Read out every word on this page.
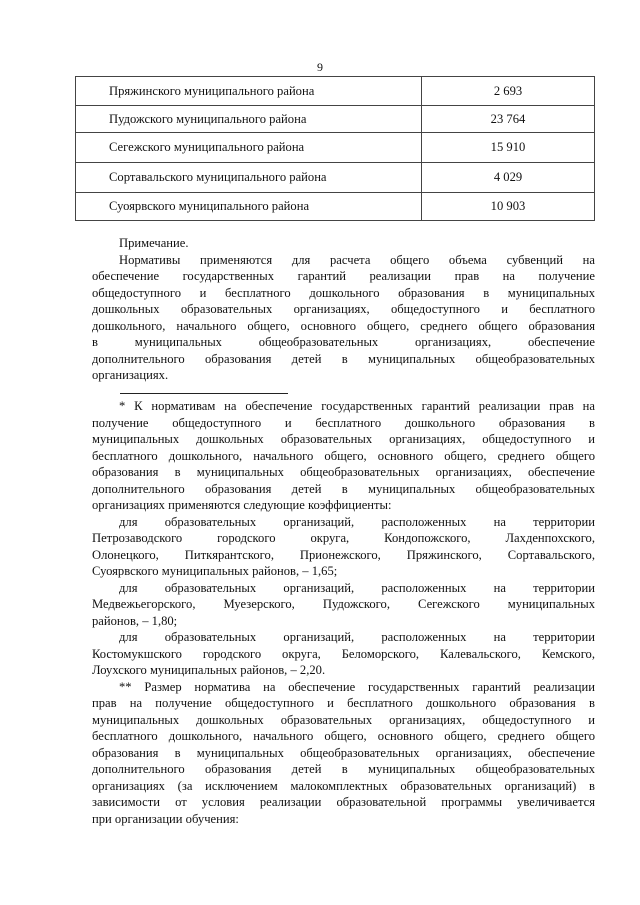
9
Пряжинского муниципального района	2 693
Пудожского муниципального района	23 764
Сегежского муниципального района	15 910
Сортавальского муниципального района	4 029
Суоярвского муниципального района	10 903

Примечание.

Нормативы применяются для расчета общего объема субвенций на

обеспечение государственных гарантий реализации прав на получение

общедоступного и бесплатного дошкольного образования в муниципальных

дошкольных образовательных организациях, общедоступного и бесплатного

дошкольного, начального общего, основного общего, среднего общего образования

в муниципальных общеобразовательных организациях, обеспечение

дополнительного образования детей в муниципальных общеобразовательных

организациях.

* К нормативам на обеспечение государственных гарантий реализации прав на

получение общедоступного и бесплатного дошкольного образования в

муниципальных дошкольных образовательных организациях, общедоступного и

бесплатного дошкольного, начального общего, основного общего, среднего общего

образования в муниципальных общеобразовательных организациях, обеспечение

дополнительного образования детей в муниципальных общеобразовательных

организациях применяются следующие коэффициенты:

для образовательных организаций, расположенных на территории

Петрозаводского городского округа, Кондопожского, Лахденпохского,

Олонецкого, Питкярантского, Прионежского, Пряжинского, Сортавальского,

Суоярвского муниципальных районов, – 1,65;

для образовательных организаций, расположенных на территории

Медвежьегорского, Муезерского, Пудожского, Сегежского муниципальных

районов, – 1,80;

для образовательных организаций, расположенных на территории

Костомукшского городского округа, Беломорского, Калевальского, Кемского,

Лоухского муниципальных районов, – 2,20.

** Размер норматива на обеспечение государственных гарантий реализации

прав на получение общедоступного и бесплатного дошкольного образования в

муниципальных дошкольных образовательных организациях, общедоступного и

бесплатного дошкольного, начального общего, основного общего, среднего общего

образования в муниципальных общеобразовательных организациях, обеспечение

дополнительного образования детей в муниципальных общеобразовательных

организациях (за исключением малокомплектных образовательных организаций) в

зависимости от условия реализации образовательной программы увеличивается

при организации обучения:
